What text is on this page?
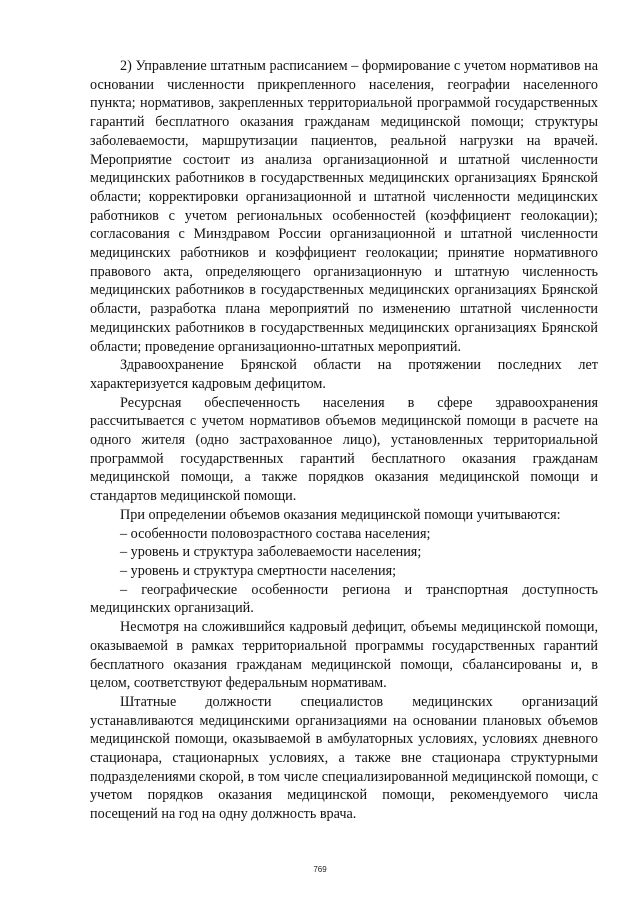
2) Управление штатным расписанием – формирование с учетом нормативов на основании численности прикрепленного населения, географии населенного пункта; нормативов, закрепленных территориальной программой государственных гарантий бесплатного оказания гражданам медицинской помощи; структуры заболеваемости, маршрутизации пациентов, реальной нагрузки на врачей. Мероприятие состоит из анализа организационной и штатной численности медицинских работников в государственных медицинских организациях Брянской области; корректировки организационной и штатной численности медицинских работников с учетом региональных особенностей (коэффициент геолокации); согласования с Минздравом России организационной и штатной численности медицинских работников и коэффициент геолокации; принятие нормативного правового акта, определяющего организационную и штатную численность медицинских работников в государственных медицинских организациях Брянской области, разработка плана мероприятий по изменению штатной численности медицинских работников в государственных медицинских организациях Брянской области; проведение организационно-штатных мероприятий.

Здравоохранение Брянской области на протяжении последних лет характеризуется кадровым дефицитом.

Ресурсная обеспеченность населения в сфере здравоохранения рассчитывается с учетом нормативов объемов медицинской помощи в расчете на одного жителя (одно застрахованное лицо), установленных территориальной программой государственных гарантий бесплатного оказания гражданам медицинской помощи, а также порядков оказания медицинской помощи и стандартов медицинской помощи.

При определении объемов оказания медицинской помощи учитываются:

– особенности половозрастного состава населения;

– уровень и структура заболеваемости населения;

– уровень и структура смертности населения;

– географические особенности региона и транспортная доступность медицинских организаций.

Несмотря на сложившийся кадровый дефицит, объемы медицинской помощи, оказываемой в рамках территориальной программы государственных гарантий бесплатного оказания гражданам медицинской помощи, сбалансированы и, в целом, соответствуют федеральным нормативам.

Штатные должности специалистов медицинских организаций устанавливаются медицинскими организациями на основании плановых объемов медицинской помощи, оказываемой в амбулаторных условиях, условиях дневного стационара, стационарных условиях, а также вне стационара структурными подразделениями скорой, в том числе специализированной медицинской помощи, с учетом порядков оказания медицинской помощи, рекомендуемого числа посещений на год на одну должность врача.

769
